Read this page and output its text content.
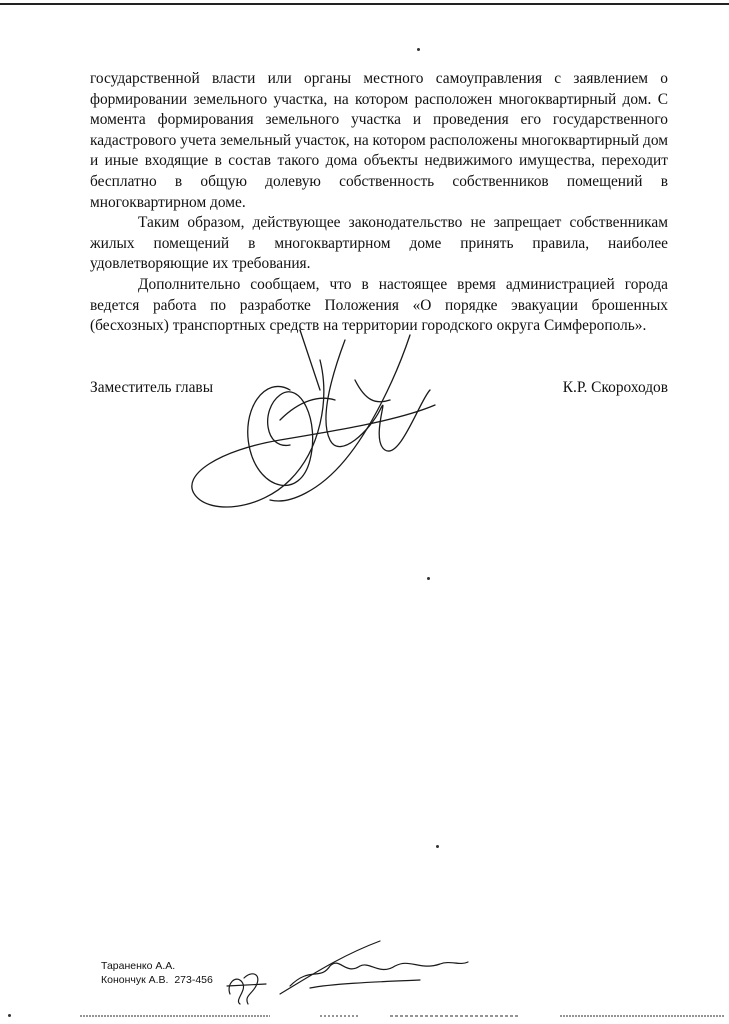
государственной власти или органы местного самоуправления с заявлением о формировании земельного участка, на котором расположен многоквартирный дом. С момента формирования земельного участка и проведения его государственного кадастрового учета земельный участок, на котором расположены многоквартирный дом и иные входящие в состав такого дома объекты недвижимого имущества, переходит бесплатно в общую долевую собственность собственников помещений в многоквартирном доме.

Таким образом, действующее законодательство не запрещает собственникам жилых помещений в многоквартирном доме принять правила, наиболее удовлетворяющие их требования.

Дополнительно сообщаем, что в настоящее время администрацией города ведется работа по разработке Положения «О порядке эвакуации брошенных (бесхозных) транспортных средств на территории городского округа Симферополь».

Заместитель главы	К.Р. Скороходов
Тараненко А.А.
Конончук А.В. 273-456
